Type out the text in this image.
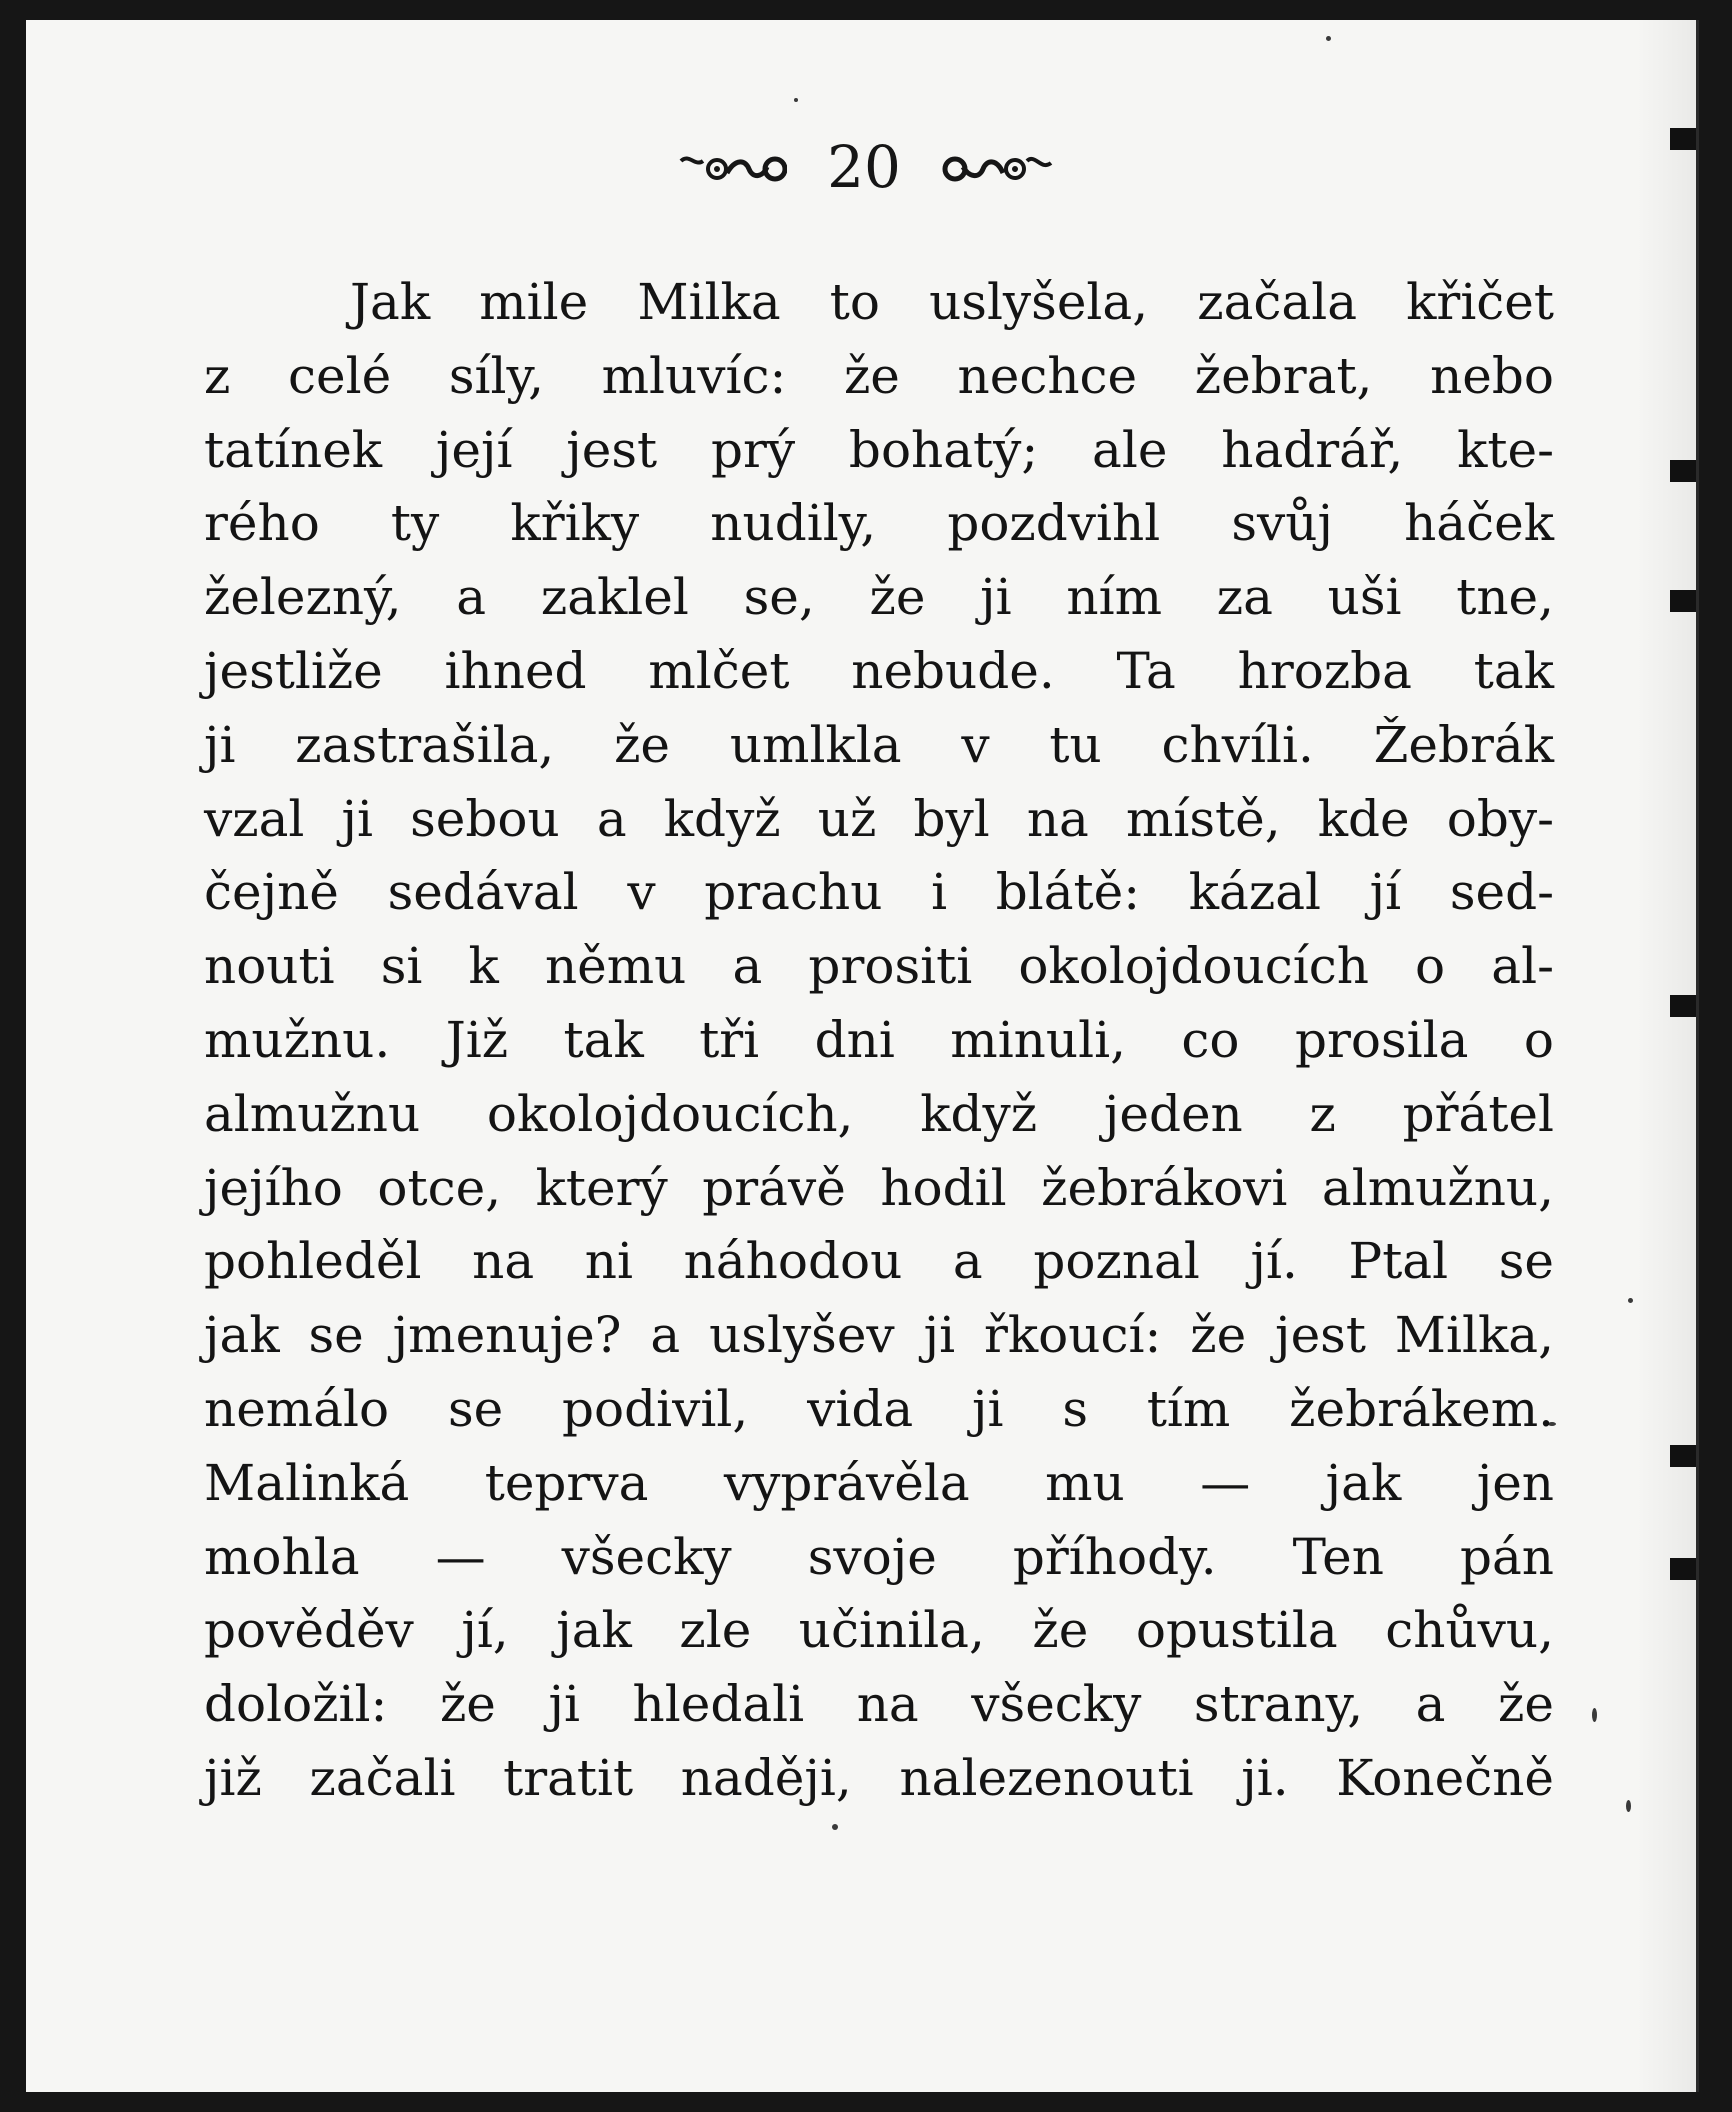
20
Jak mile Milka to uslyšela, začala křičet
z celé síly, mluvíc: že nechce žebrat, nebo
tatínek její jest prý bohatý; ale hadrář, kte-
rého ty křiky nudily, pozdvihl svůj háček
železný, a zaklel se, že ji ním za uši tne,
jestliže ihned mlčet nebude. Ta hrozba tak
ji zastrašila, že umlkla v tu chvíli. Žebrák
vzal ji sebou a když už byl na místě, kde oby-
čejně sedával v prachu i blátě: kázal jí sed-
nouti si k němu a prositi okolojdoucích o al-
mužnu. Již tak tři dni minuli, co prosila o
almužnu okolojdoucích, když jeden z přátel
jejího otce, který právě hodil žebrákovi almužnu,
pohleděl na ni náhodou a poznal jí. Ptal se
jak se jmenuje? a uslyšev ji řkoucí: že jest Milka,
nemálo se podivil, vida ji s tím žebrákem.
Malinká teprva vyprávěla mu — jak jen
mohla — všecky svoje příhody. Ten pán
pověděv jí, jak zle učinila, že opustila chůvu,
doložil: že ji hledali na všecky strany, a že
již začali tratit naději, nalezenouti ji. Konečně
